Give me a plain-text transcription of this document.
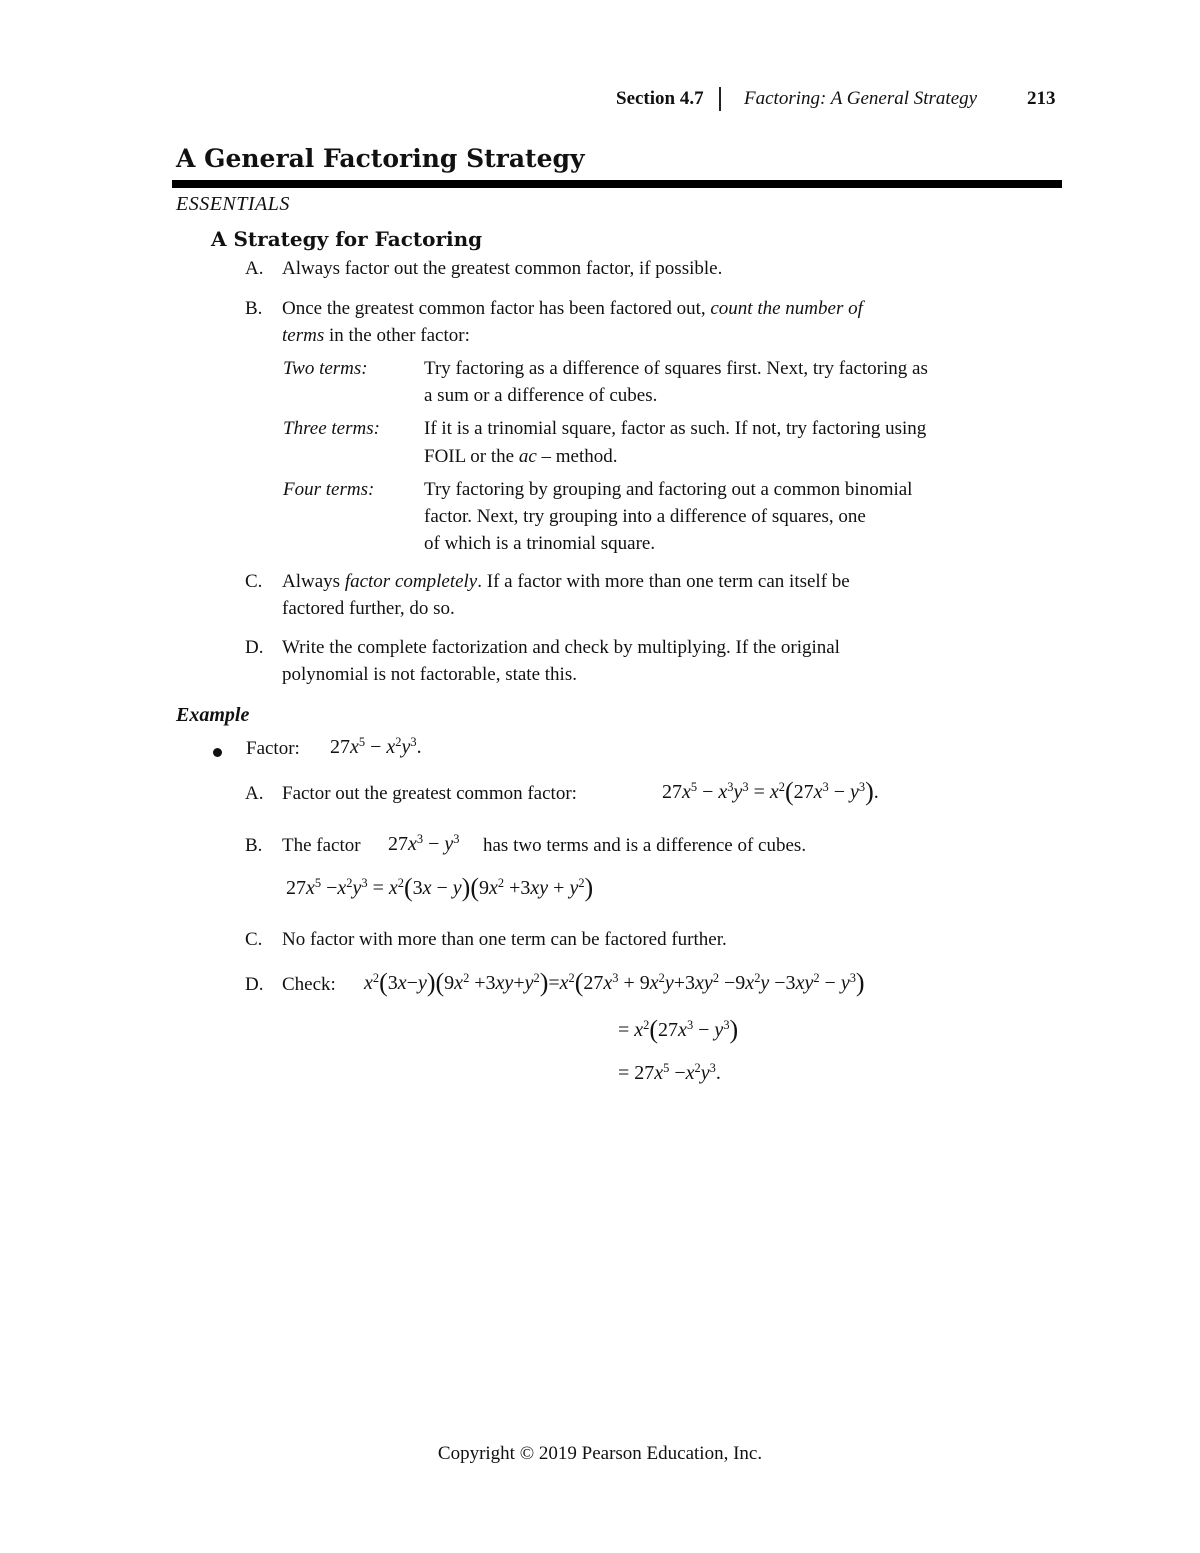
Section 4.7 Factoring: A General Strategy	213
A General Factoring Strategy
ESSENTIALS
A Strategy for Factoring
A. Always factor out the greatest common factor, if possible.
B. Once the greatest common factor has been factored out, count the number of
terms in the other factor:
Two terms:	Try factoring as a difference of squares first. Next, try factoring as
a sum or a difference of cubes.
Three terms: If it is a trinomial square, factor as such. If not, try factoring using
FOIL or the ac – method.
Four terms:	Try factoring by grouping and factoring out a common binomial
factor. Next, try grouping into a difference of squares, one
of which is a trinomial square.
C. Always factor completely. If a factor with more than one term can itself be
factored further, do so.
D. Write the complete factorization and check by multiplying. If the original
polynomial is not factorable, state this.
Example
Factor: $27x^5 - x^2y^3$.
A. Factor out the greatest common factor:	$27x^5 - x^3y^3 = x^2(27x^3 - y^3)$.
B. The factor $27x^3 - y^3$ has two terms and is a difference of cubes.
$27x^5 -x^2y^3 = x^2(3x - y)(9x^2 +3xy + y^2)$
C. No factor with more than one term can be factored further.
D. Check: $x^2(3x-y)(9x^2 +3xy+y^2)=x^2(27x^3 + 9x^2y+3xy^2 -9x^2y -3xy^2 - y^3)$
= $x^2(27x^3 - y^3)$
= $27x^5 -x^2y^3$.
Copyright © 2019 Pearson Education, Inc.
